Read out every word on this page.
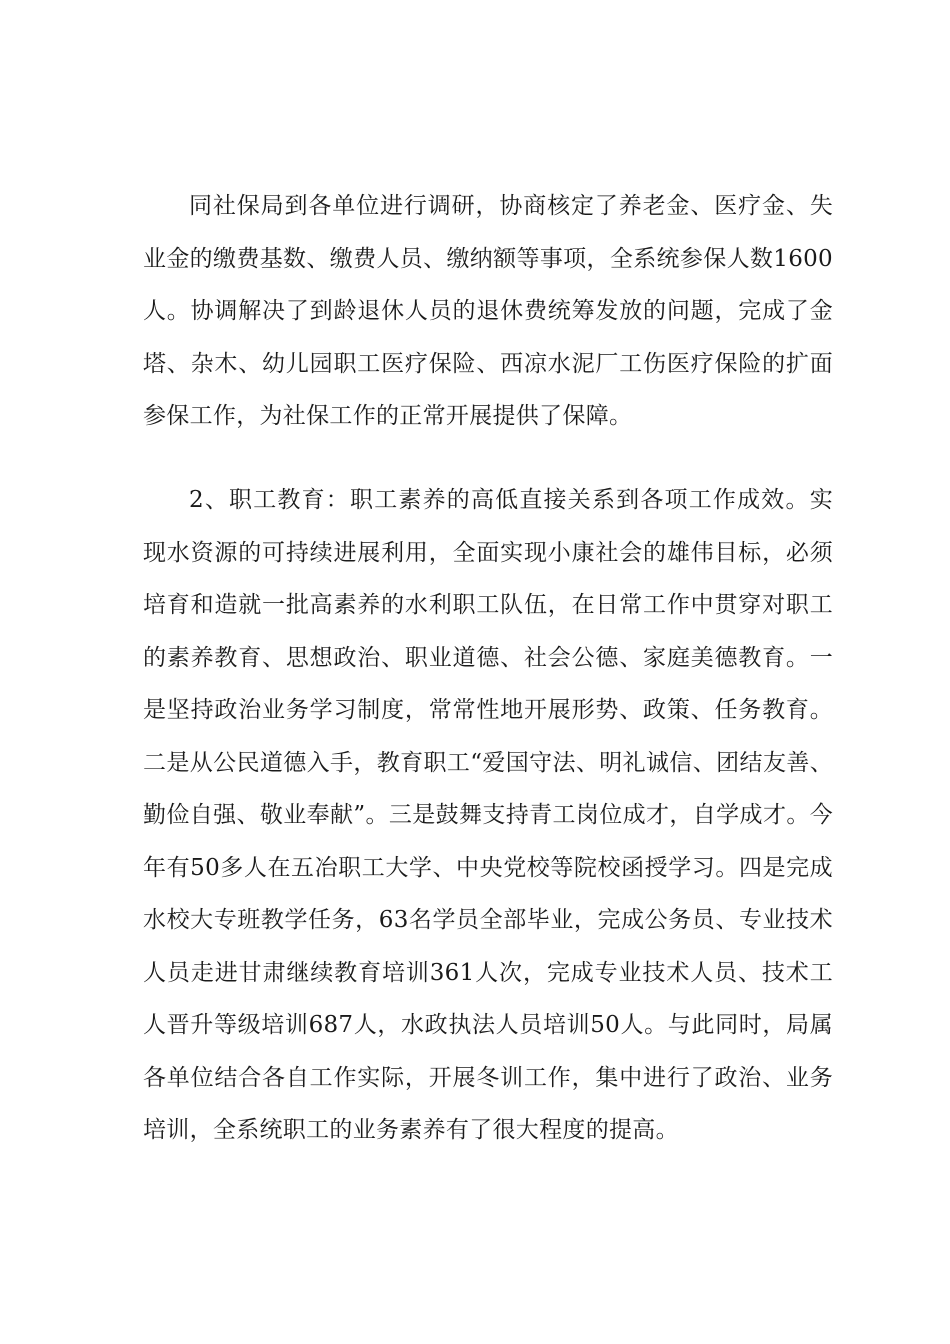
同社保局到各单位进行调研，协商核定了养老金、医疗金、失业金的缴费基数、缴费人员、缴纳额等事项，全系统参保人数1600人。协调解决了到龄退休人员的退休费统筹发放的问题，完成了金塔、杂木、幼儿园职工医疗保险、西凉水泥厂工伤医疗保险的扩面参保工作，为社保工作的正常开展提供了保障。

2、职工教育：职工素养的高低直接关系到各项工作成效。实现水资源的可持续进展利用，全面实现小康社会的雄伟目标，必须培育和造就一批高素养的水利职工队伍，在日常工作中贯穿对职工的素养教育、思想政治、职业道德、社会公德、家庭美德教育。一是坚持政治业务学习制度，常常性地开展形势、政策、任务教育。二是从公民道德入手，教育职工“爱国守法、明礼诚信、团结友善、勤俭自强、敬业奉献”。三是鼓舞支持青工岗位成才，自学成才。今年有50多人在五冶职工大学、中央党校等院校函授学习。四是完成水校大专班教学任务，63名学员全部毕业，完成公务员、专业技术人员走进甘肃继续教育培训361人次，完成专业技术人员、技术工人晋升等级培训687人，水政执法人员培训50人。与此同时，局属各单位结合各自工作实际，开展冬训工作，集中进行了政治、业务培训，全系统职工的业务素养有了很大程度的提高。
